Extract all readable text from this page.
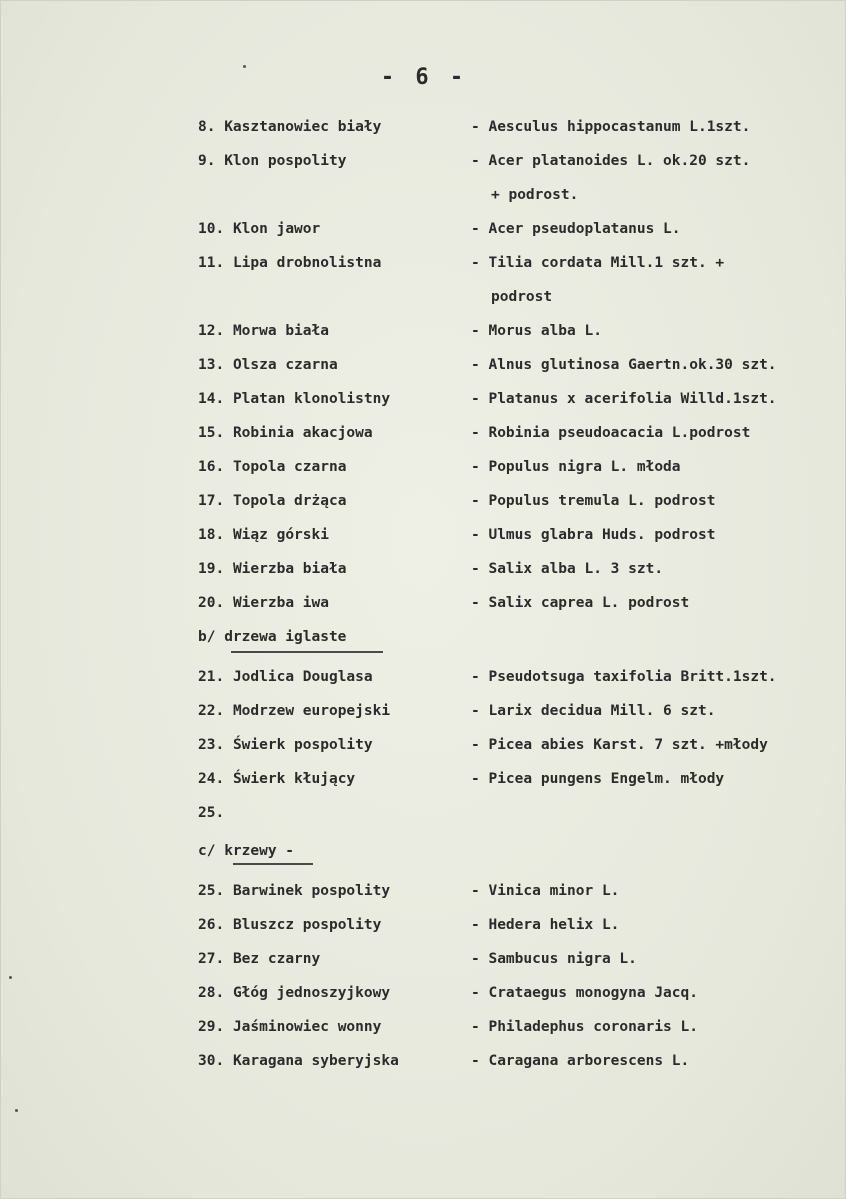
- 6 -
8. Kasztanowiec biały	- Aesculus hippocastanum L.1szt.
9. Klon pospolity	- Acer platanoides L. ok.20 szt.
+ podrost.
10. Klon jawor	- Acer pseudoplatanus L.
11. Lipa drobnolistna	- Tilia cordata Mill.1 szt. +
podrost
12. Morwa biała	- Morus alba L.
13. Olsza czarna	- Alnus glutinosa Gaertn.ok.30 szt.
14. Platan klonolistny	- Platanus x acerifolia Willd.1szt.
15. Robinia akacjowa	- Robinia pseudoacacia L.podrost
16. Topola czarna	- Populus nigra L. młoda
17. Topola drżąca	- Populus tremula L. podrost
18. Wiąz górski	- Ulmus glabra Huds. podrost
19. Wierzba biała	- Salix alba L. 3 szt.
20. Wierzba iwa	- Salix caprea L. podrost
b/ drzewa iglaste
21. Jodlica Douglasa	- Pseudotsuga taxifolia Britt.1szt.
22. Modrzew europejski	- Larix decidua Mill. 6 szt.
23. Świerk pospolity	- Picea abies Karst. 7 szt. +młody
24. Świerk kłujący	- Picea pungens Engelm. młody
25.
c/ krzewy -
25. Barwinek pospolity	- Vinica minor L.
26. Bluszcz pospolity	- Hedera helix L.
27. Bez czarny	- Sambucus nigra L.
28. Głóg jednoszyjkowy	- Crataegus monogyna Jacq.
29. Jaśminowiec wonny	- Philadephus coronaris L.
30. Karagana syberyjska	- Caragana arborescens L.
